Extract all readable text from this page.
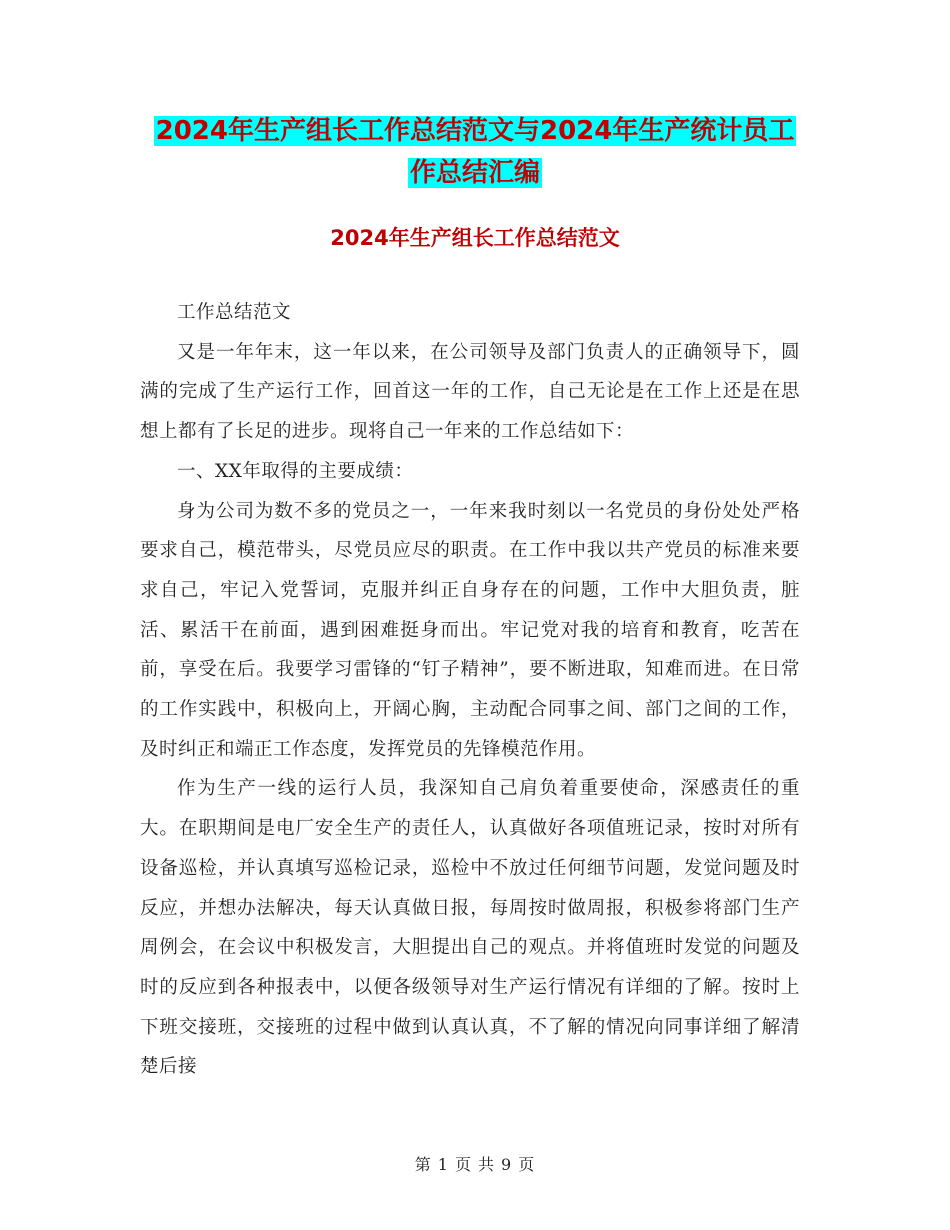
2024年生产组长工作总结范文与2024年生产统计员工
作总结汇编
2024年生产组长工作总结范文

工作总结范文

又是一年年末，这一年以来，在公司领导及部门负责人的正确领导下，圆满的完成了生产运行工作，回首这一年的工作，自己无论是在工作上还是在思想上都有了长足的进步。现将自己一年来的工作总结如下：

一、XX年取得的主要成绩：

身为公司为数不多的党员之一，一年来我时刻以一名党员的身份处处严格要求自己，模范带头，尽党员应尽的职责。在工作中我以共产党员的标准来要求自己，牢记入党誓词，克服并纠正自身存在的问题，工作中大胆负责，脏活、累活干在前面，遇到困难挺身而出。牢记党对我的培育和教育，吃苦在前，享受在后。我要学习雷锋的“钉子精神”，要不断进取，知难而进。在日常的工作实践中，积极向上，开阔心胸，主动配合同事之间、部门之间的工作，及时纠正和端正工作态度，发挥党员的先锋模范作用。

作为生产一线的运行人员，我深知自己肩负着重要使命，深感责任的重大。在职期间是电厂安全生产的责任人，认真做好各项值班记录，按时对所有设备巡检，并认真填写巡检记录，巡检中不放过任何细节问题，发觉问题及时反应，并想办法解决，每天认真做日报，每周按时做周报，积极参将部门生产周例会，在会议中积极发言，大胆提出自己的观点。并将值班时发觉的问题及时的反应到各种报表中，以便各级领导对生产运行情况有详细的了解。按时上下班交接班，交接班的过程中做到认真认真，不了解的情况向同事详细了解清楚后接

第 1 页 共 9 页
